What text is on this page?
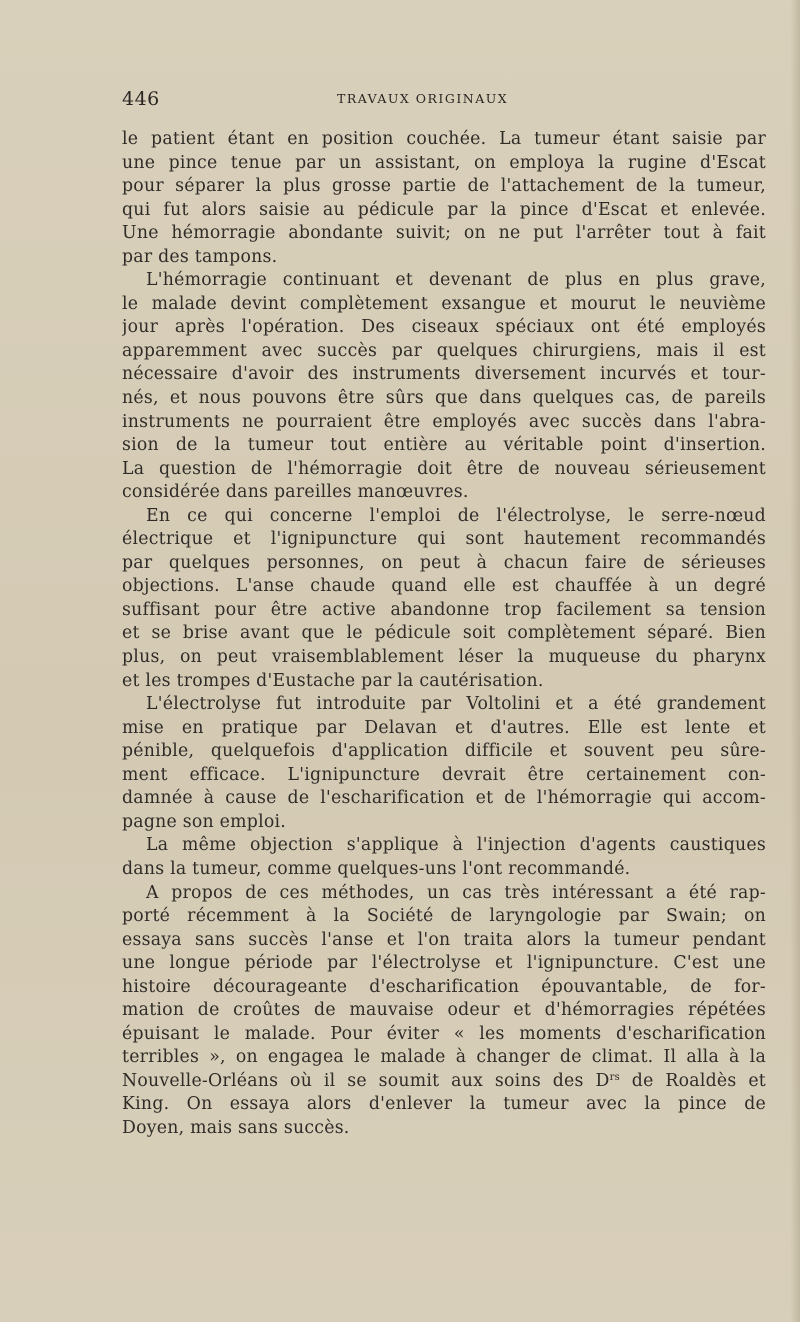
446	TRAVAUX ORIGINAUX
le patient étant en position couchée. La tumeur étant saisie par
une pince tenue par un assistant, on employa la rugine d'Escat
pour séparer la plus grosse partie de l'attachement de la tumeur,
qui fut alors saisie au pédicule par la pince d'Escat et enlevée.
Une hémorragie abondante suivit; on ne put l'arrêter tout à fait
par des tampons.
L'hémorragie continuant et devenant de plus en plus grave,
le malade devint complètement exsangue et mourut le neuvième
jour après l'opération. Des ciseaux spéciaux ont été employés
apparemment avec succès par quelques chirurgiens, mais il est
nécessaire d'avoir des instruments diversement incurvés et tour-
nés, et nous pouvons être sûrs que dans quelques cas, de pareils
instruments ne pourraient être employés avec succès dans l'abra-
sion de la tumeur tout entière au véritable point d'insertion.
La question de l'hémorragie doit être de nouveau sérieusement
considérée dans pareilles manœuvres.
En ce qui concerne l'emploi de l'électrolyse, le serre-nœud
électrique et l'ignipuncture qui sont hautement recommandés
par quelques personnes, on peut à chacun faire de sérieuses
objections. L'anse chaude quand elle est chauffée à un degré
suffisant pour être active abandonne trop facilement sa tension
et se brise avant que le pédicule soit complètement séparé. Bien
plus, on peut vraisemblablement léser la muqueuse du pharynx
et les trompes d'Eustache par la cautérisation.
L'électrolyse fut introduite par Voltolini et a été grandement
mise en pratique par Delavan et d'autres. Elle est lente et
pénible, quelquefois d'application difficile et souvent peu sûre-
ment efficace. L'ignipuncture devrait être certainement con-
damnée à cause de l'escharification et de l'hémorragie qui accom-
pagne son emploi.
La même objection s'applique à l'injection d'agents caustiques
dans la tumeur, comme quelques-uns l'ont recommandé.
A propos de ces méthodes, un cas très intéressant a été rap-
porté récemment à la Société de laryngologie par Swain; on
essaya sans succès l'anse et l'on traita alors la tumeur pendant
une longue période par l'électrolyse et l'ignipuncture. C'est une
histoire décourageante d'escharification épouvantable, de for-
mation de croûtes de mauvaise odeur et d'hémorragies répétées
épuisant le malade. Pour éviter « les moments d'escharification
terribles », on engagea le malade à changer de climat. Il alla à la
Nouvelle-Orléans où il se soumit aux soins des $D^{rs}$ de Roaldès et
King. On essaya alors d'enlever la tumeur avec la pince de
Doyen, mais sans succès.
